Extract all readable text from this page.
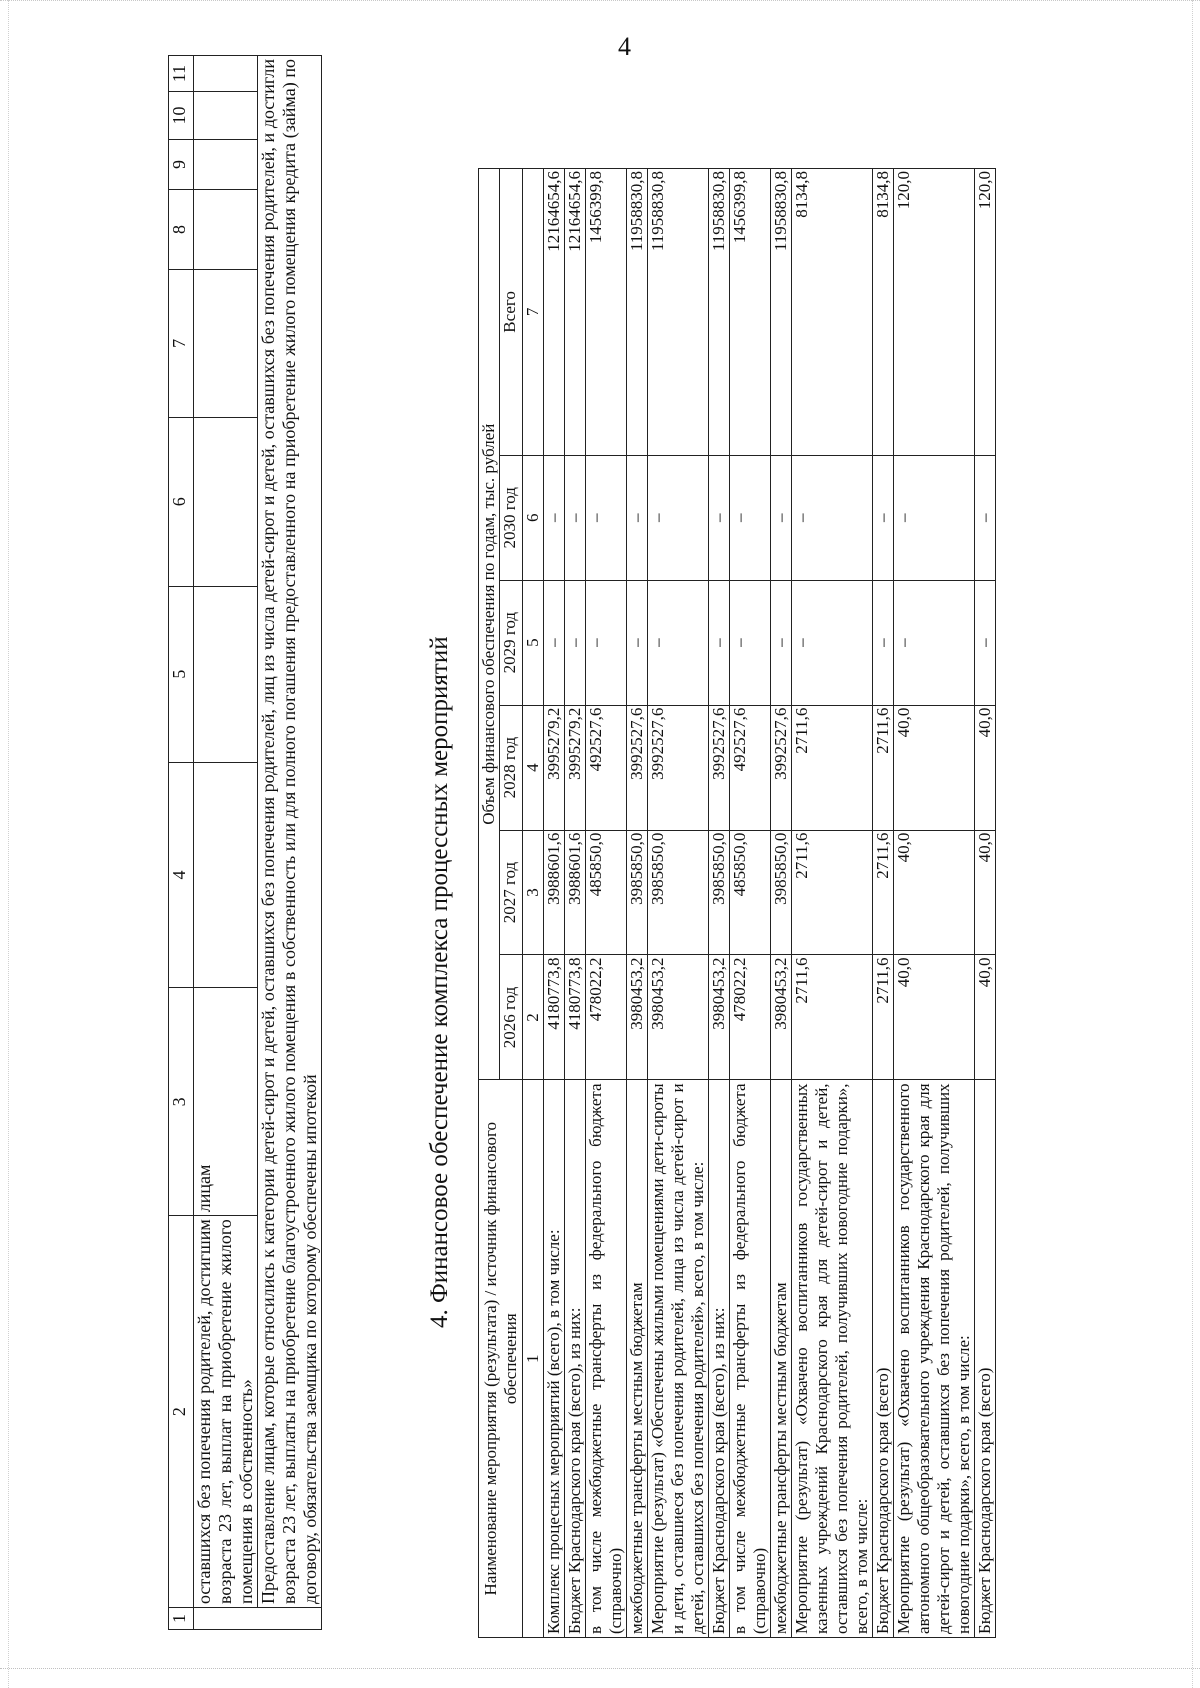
4
1	2	3	4	5	6	7	8	9	10	11
	оставшихся без попечения родителей, достигшим возраста 23 лет, выплат на приобретение жилого помещения в собственность»	лицам								
	Предоставление лицам, которые относились к категории детей-сирот и детей, оставшихся без попечения родителей, лиц из числа детей-сирот и детей, оставшихся без попечения родителей, и достигли возраста 23 лет, выплаты на приобретение благоустроенного жилого помещения в собственность или для полного погашения предоставленного на приобретение жилого помещения кредита (займа) по договору, обязательства заемщика по которому обеспечены ипотекой									
4. Финансовое обеспечение комплекса процессных мероприятий
Наименование мероприятия (результата) / источник финансового обеспечения	Объем финансового обеспечения по годам, тыс. рублей					
	2026 год	2027 год	2028 год	2029 год	2030 год	Всего
1	2	3	4	5	6	7
Комплекс процесных мероприятий (всего), в том числе:	4180773,8	3988601,6	3995279,2	–	–	12164654,6
Бюджет Краснодарского края (всего), из них:	4180773,8	3988601,6	3995279,2	–	–	12164654,6
в том числе межбюджетные трансферты из федерального бюджета (справочно)	478022,2	485850,0	492527,6	–	–	1456399,8
межбюджетные трансферты местным бюджетам	3980453,2	3985850,0	3992527,6	–	–	11958830,8
Мероприятие (результат) «Обеспечены жилыми помещениями дети-сироты и дети, оставшиеся без попечения родителей, лица из числа детей-сирот и детей, оставшихся без попечения родителей», всего, в том числе:	3980453,2	3985850,0	3992527,6	–	–	11958830,8
Бюджет Краснодарского края (всего), из них:	3980453,2	3985850,0	3992527,6	–	–	11958830,8
в том числе межбюджетные трансферты из федерального бюджета (справочно)	478022,2	485850,0	492527,6	–	–	1456399,8
межбюджетные трансферты местным бюджетам	3980453,2	3985850,0	3992527,6	–	–	11958830,8
Мероприятие (результат) «Охвачено воспитанников государственных казенных учреждений Краснодарского края для детей-сирот и детей, оставшихся без попечения родителей, получивших новогодние подарки», всего, в том числе:	2711,6	2711,6	2711,6	–	–	8134,8
Бюджет Краснодарского края (всего)	2711,6	2711,6	2711,6	–	–	8134,8
Мероприятие (результат) «Охвачено воспитанников государственного автономного общеобразовательного учреждения Краснодарского края для детей-сирот и детей, оставшихся без попечения родителей, получивших новогодние подарки», всего, в том числе:	40,0	40,0	40,0	–	–	120,0
Бюджет Краснодарского края (всего)	40,0	40,0	40,0	–	–	120,0
